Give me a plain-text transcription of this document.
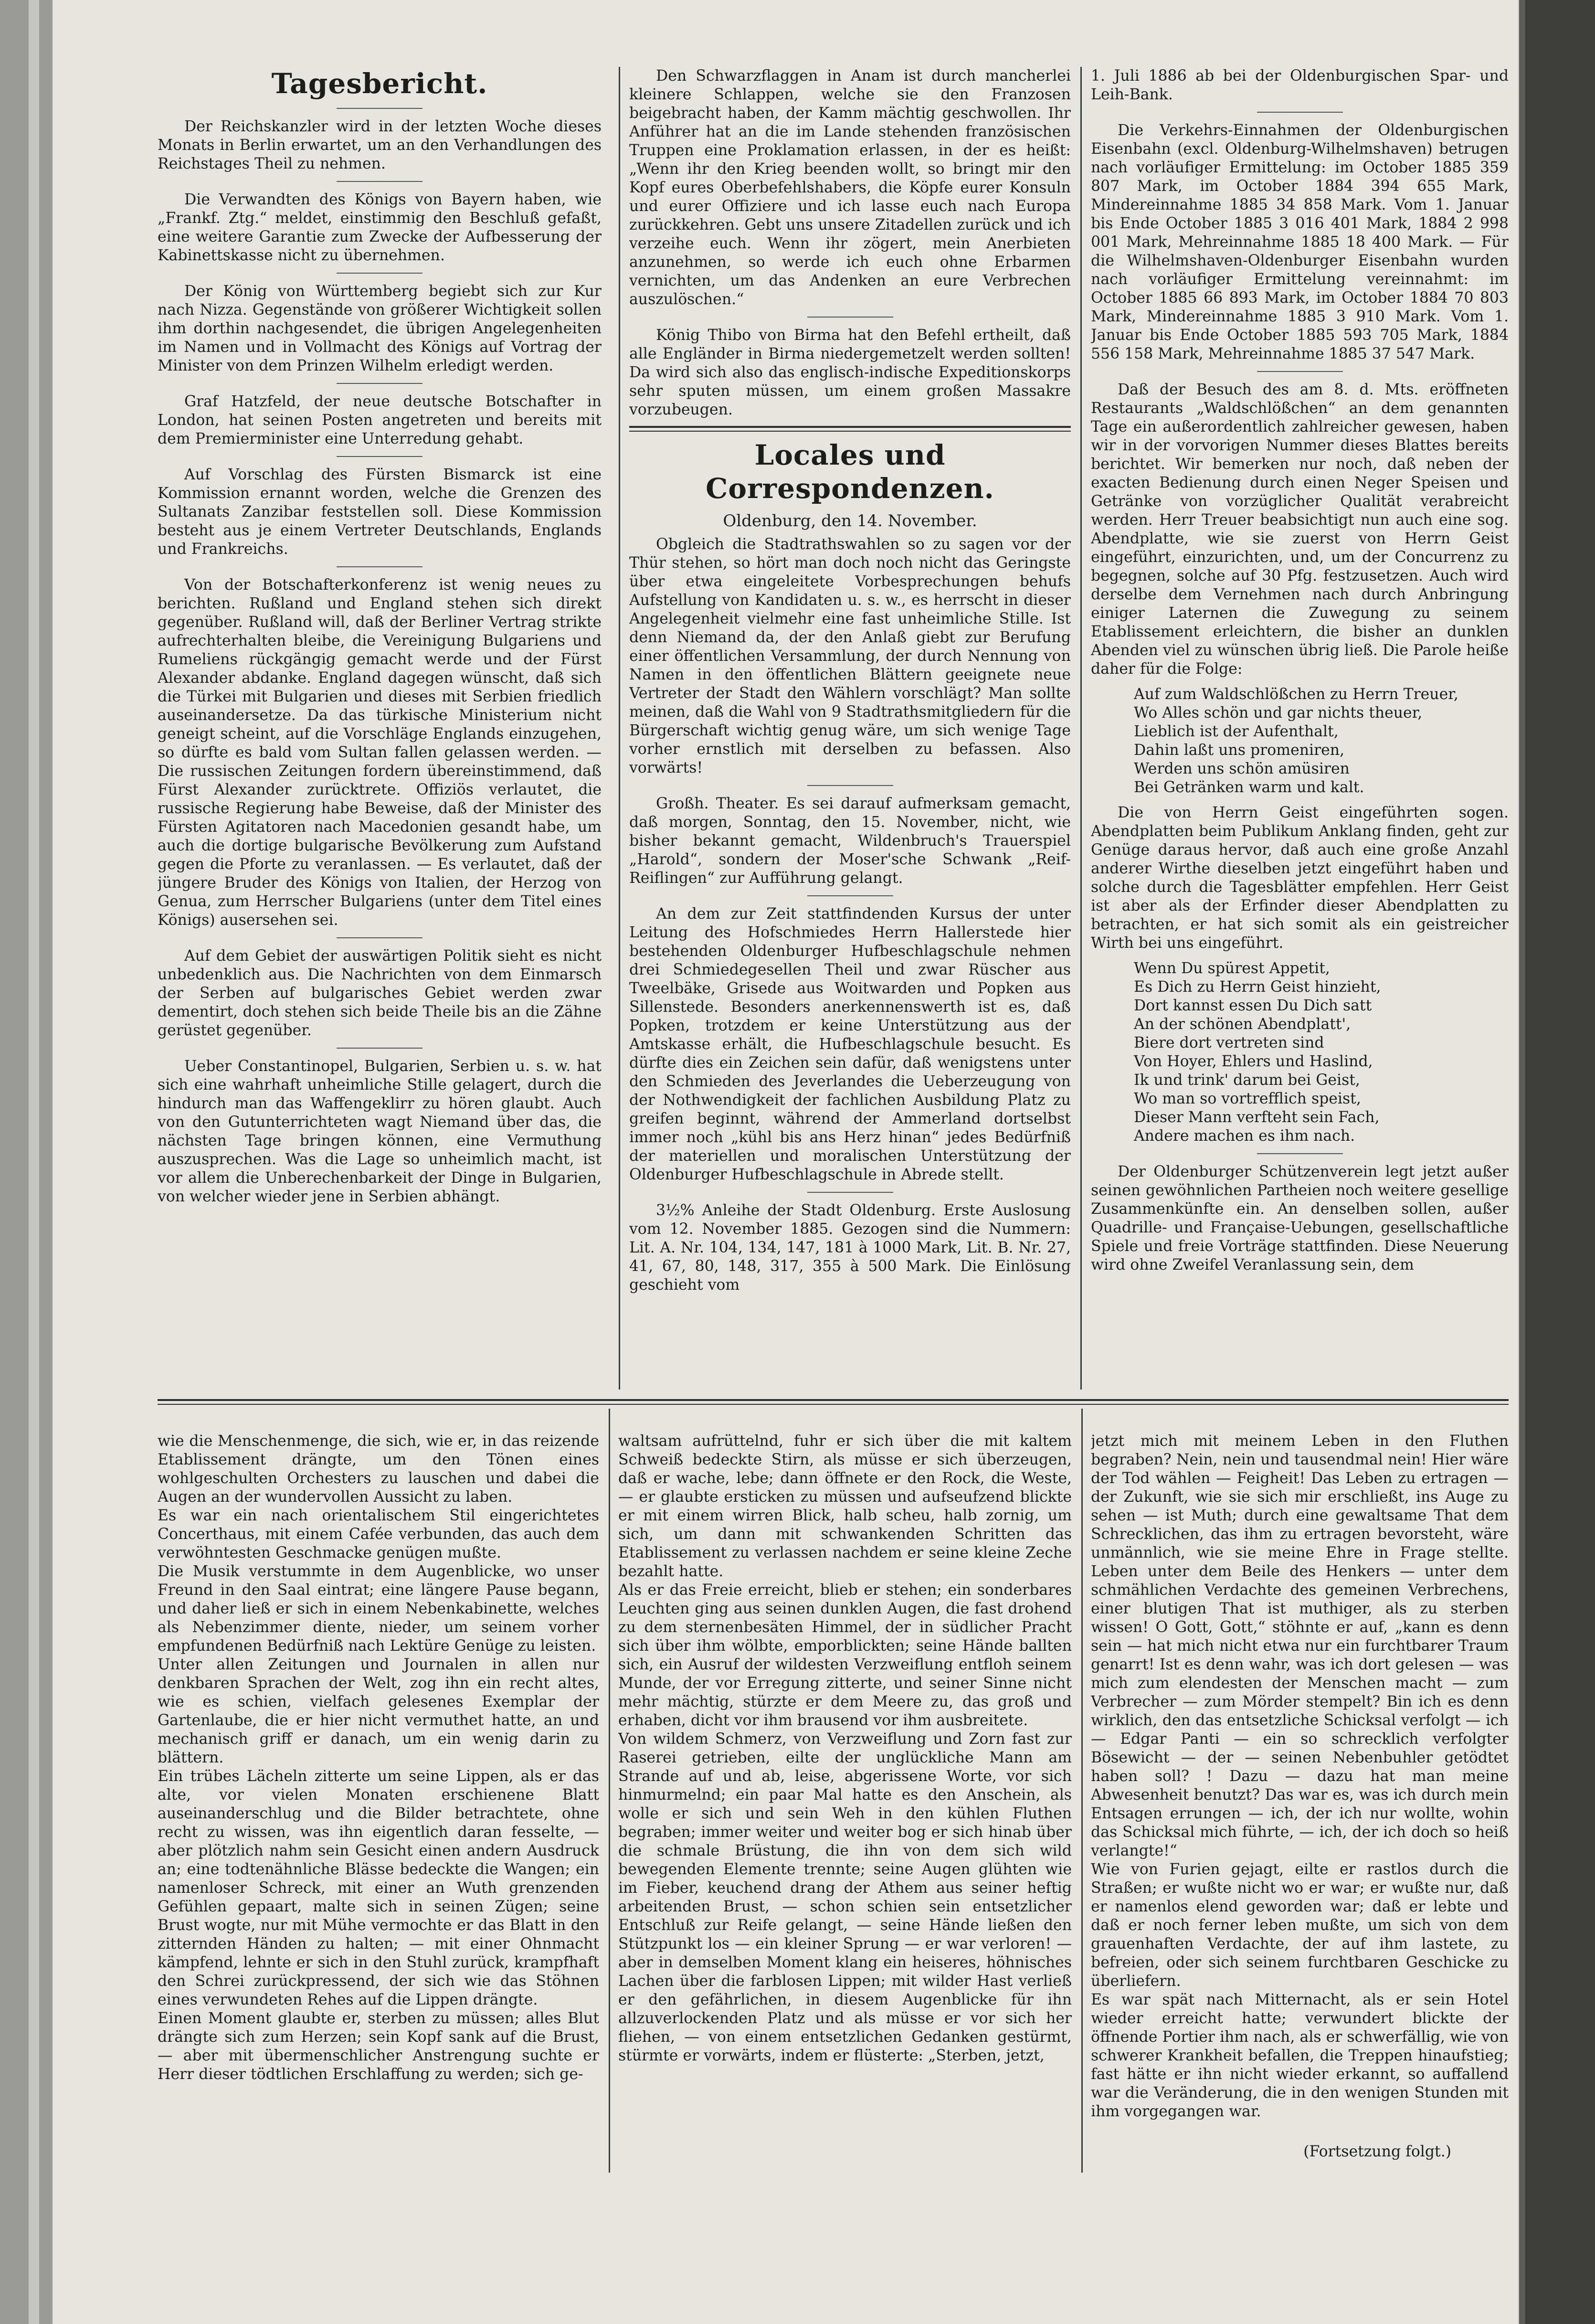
Tagesbericht.

Der Reichskanzler wird in der letzten Woche dieses Monats in Berlin erwartet, um an den Verhandlungen des Reichstages Theil zu nehmen.

Die Verwandten des Königs von Bayern haben, wie „Frankf. Ztg.“ meldet, einstimmig den Beschluß gefaßt, eine weitere Garantie zum Zwecke der Aufbesserung der Kabinettskasse nicht zu übernehmen.

Der König von Württemberg begiebt sich zur Kur nach Nizza. Gegenstände von größerer Wichtigkeit sollen ihm dorthin nachgesendet, die übrigen Angelegenheiten im Namen und in Vollmacht des Königs auf Vortrag der Minister von dem Prinzen Wilhelm erledigt werden.

Graf Hatzfeld, der neue deutsche Botschafter in London, hat seinen Posten angetreten und bereits mit dem Premierminister eine Unterredung gehabt.

Auf Vorschlag des Fürsten Bismarck ist eine Kommission ernannt worden, welche die Grenzen des Sultanats Zanzibar feststellen soll. Diese Kommission besteht aus je einem Vertreter Deutschlands, Englands und Frankreichs.

Von der Botschafterkonferenz ist wenig neues zu berichten. Rußland und England stehen sich direkt gegenüber. Rußland will, daß der Berliner Vertrag strikte aufrechterhalten bleibe, die Vereinigung Bulgariens und Rumeliens rückgängig gemacht werde und der Fürst Alexander abdanke. England dagegen wünscht, daß sich die Türkei mit Bulgarien und dieses mit Serbien friedlich auseinandersetze. Da das türkische Ministerium nicht geneigt scheint, auf die Vorschläge Englands einzugehen, so dürfte es bald vom Sultan fallen gelassen werden. — Die russischen Zeitungen fordern übereinstimmend, daß Fürst Alexander zurücktrete. Offiziös verlautet, die russische Regierung habe Beweise, daß der Minister des Fürsten Agitatoren nach Macedonien gesandt habe, um auch die dortige bulgarische Bevölkerung zum Aufstand gegen die Pforte zu veranlassen. — Es verlautet, daß der jüngere Bruder des Königs von Italien, der Herzog von Genua, zum Herrscher Bulgariens (unter dem Titel eines Königs) ausersehen sei.

Auf dem Gebiet der auswärtigen Politik sieht es nicht unbedenklich aus. Die Nachrichten von dem Einmarsch der Serben auf bulgarisches Gebiet werden zwar dementirt, doch stehen sich beide Theile bis an die Zähne gerüstet gegenüber.

Ueber Constantinopel, Bulgarien, Serbien u. s. w. hat sich eine wahrhaft unheimliche Stille gelagert, durch die hindurch man das Waffengeklirr zu hören glaubt. Auch von den Gutunterrichteten wagt Niemand über das, die nächsten Tage bringen können, eine Vermuthung auszusprechen. Was die Lage so unheimlich macht, ist vor allem die Unberechenbarkeit der Dinge in Bulgarien, von welcher wieder jene in Serbien abhängt.

Den Schwarzflaggen in Anam ist durch mancherlei kleinere Schlappen, welche sie den Franzosen beigebracht haben, der Kamm mächtig geschwollen. Ihr Anführer hat an die im Lande stehenden französischen Truppen eine Proklamation erlassen, in der es heißt: „Wenn ihr den Krieg beenden wollt, so bringt mir den Kopf eures Oberbefehlshabers, die Köpfe eurer Konsuln und eurer Offiziere und ich lasse euch nach Europa zurückkehren. Gebt uns unsere Zitadellen zurück und ich verzeihe euch. Wenn ihr zögert, mein Anerbieten anzunehmen, so werde ich euch ohne Erbarmen vernichten, um das Andenken an eure Verbrechen auszulöschen.“

König Thibo von Birma hat den Befehl ertheilt, daß alle Engländer in Birma niedergemetzelt werden sollten! Da wird sich also das englisch-indische Expeditionskorps sehr sputen müssen, um einem großen Massakre vorzubeugen.

Locales und Correspondenzen.
Oldenburg, den 14. November.

Obgleich die Stadtrathswahlen so zu sagen vor der Thür stehen, so hört man doch noch nicht das Geringste über etwa eingeleitete Vorbesprechungen behufs Aufstellung von Kandidaten u. s. w., es herrscht in dieser Angelegenheit vielmehr eine fast unheimliche Stille. Ist denn Niemand da, der den Anlaß giebt zur Berufung einer öffentlichen Versammlung, der durch Nennung von Namen in den öffentlichen Blättern geeignete neue Vertreter der Stadt den Wählern vorschlägt? Man sollte meinen, daß die Wahl von 9 Stadtrathsmitgliedern für die Bürgerschaft wichtig genug wäre, um sich wenige Tage vorher ernstlich mit derselben zu befassen. Also vorwärts!

Großh. Theater. Es sei darauf aufmerksam gemacht, daß morgen, Sonntag, den 15. November, nicht, wie bisher bekannt gemacht, Wildenbruch's Trauerspiel „Harold“, sondern der Moser'sche Schwank „Reif-Reiflingen“ zur Aufführung gelangt.

An dem zur Zeit stattfindenden Kursus der unter Leitung des Hofschmiedes Herrn Hallerstede hier bestehenden Oldenburger Hufbeschlagschule nehmen drei Schmiedegesellen Theil und zwar Rüscher aus Tweelbäke, Grisede aus Woitwarden und Popken aus Sillenstede. Besonders anerkennenswerth ist es, daß Popken, trotzdem er keine Unterstützung aus der Amtskasse erhält, die Hufbeschlagschule besucht. Es dürfte dies ein Zeichen sein dafür, daß wenigstens unter den Schmieden des Jeverlandes die Ueberzeugung von der Nothwendigkeit der fachlichen Ausbildung Platz zu greifen beginnt, während der Ammerland dortselbst immer noch „kühl bis ans Herz hinan“ jedes Bedürfniß der materiellen und moralischen Unterstützung der Oldenburger Hufbeschlagschule in Abrede stellt.

3½% Anleihe der Stadt Oldenburg. Erste Auslosung vom 12. November 1885. Gezogen sind die Nummern: Lit. A. Nr. 104, 134, 147, 181 à 1000 Mark, Lit. B. Nr. 27, 41, 67, 80, 148, 317, 355 à 500 Mark. Die Einlösung geschieht vom

1. Juli 1886 ab bei der Oldenburgischen Spar- und Leih-Bank.

Die Verkehrs-Einnahmen der Oldenburgischen Eisenbahn (excl. Oldenburg-Wilhelmshaven) betrugen nach vorläufiger Ermittelung: im October 1885 359 807 Mark, im October 1884 394 655 Mark, Mindereinnahme 1885 34 858 Mark. Vom 1. Januar bis Ende October 1885 3 016 401 Mark, 1884 2 998 001 Mark, Mehreinnahme 1885 18 400 Mark. — Für die Wilhelmshaven-Oldenburger Eisenbahn wurden nach vorläufiger Ermittelung vereinnahmt: im October 1885 66 893 Mark, im October 1884 70 803 Mark, Mindereinnahme 1885 3 910 Mark. Vom 1. Januar bis Ende October 1885 593 705 Mark, 1884 556 158 Mark, Mehreinnahme 1885 37 547 Mark.

Daß der Besuch des am 8. d. Mts. eröffneten Restaurants „Waldschlößchen“ an dem genannten Tage ein außerordentlich zahlreicher gewesen, haben wir in der vorvorigen Nummer dieses Blattes bereits berichtet. Wir bemerken nur noch, daß neben der exacten Bedienung durch einen Neger Speisen und Getränke von vorzüglicher Qualität verabreicht werden. Herr Treuer beabsichtigt nun auch eine sog. Abendplatte, wie sie zuerst von Herrn Geist eingeführt, einzurichten, und, um der Concurrenz zu begegnen, solche auf 30 Pfg. festzusetzen. Auch wird derselbe dem Vernehmen nach durch Anbringung einiger Laternen die Zuwegung zu seinem Etablissement erleichtern, die bisher an dunklen Abenden viel zu wünschen übrig ließ. Die Parole heiße daher für die Folge:

Auf zum Waldschlößchen zu Herrn Treuer,
Wo Alles schön und gar nichts theuer,
Lieblich ist der Aufenthalt,
Dahin laßt uns promeniren,
Werden uns schön amüsiren
Bei Getränken warm und kalt.

Die von Herrn Geist eingeführten sogen. Abendplatten beim Publikum Anklang finden, geht zur Genüge daraus hervor, daß auch eine große Anzahl anderer Wirthe dieselben jetzt eingeführt haben und solche durch die Tagesblätter empfehlen. Herr Geist ist aber als der Erfinder dieser Abendplatten zu betrachten, er hat sich somit als ein geistreicher Wirth bei uns eingeführt.

Wenn Du spürest Appetit,
Es Dich zu Herrn Geist hinzieht,
Dort kannst essen Du Dich satt
An der schönen Abendplatt',
Biere dort vertreten sind
Von Hoyer, Ehlers und Haslind,
Ik und trink' darum bei Geist,
Wo man so vortrefflich speist,
Dieser Mann verfteht sein Fach,
Andere machen es ihm nach.

Der Oldenburger Schützenverein legt jetzt außer seinen gewöhnlichen Partheien noch weitere gesellige Zusammenkünfte ein. An denselben sollen, außer Quadrille- und Française-Uebungen, gesellschaftliche Spiele und freie Vorträge stattfinden. Diese Neuerung wird ohne Zweifel Veranlassung sein, dem

wie die Menschenmenge, die sich, wie er, in das reizende Etablissement drängte, um den Tönen eines wohlgeschulten Orchesters zu lauschen und dabei die Augen an der wundervollen Aussicht zu laben.
Es war ein nach orientalischem Stil eingerichtetes Concerthaus, mit einem Cafée verbunden, das auch dem verwöhntesten Geschmacke genügen mußte.
Die Musik verstummte in dem Augenblicke, wo unser Freund in den Saal eintrat; eine längere Pause begann, und daher ließ er sich in einem Nebenkabinette, welches als Nebenzimmer diente, nieder, um seinem vorher empfundenen Bedürfniß nach Lektüre Genüge zu leisten.
Unter allen Zeitungen und Journalen in allen nur denkbaren Sprachen der Welt, zog ihn ein recht altes, wie es schien, vielfach gelesenes Exemplar der Gartenlaube, die er hier nicht vermuthet hatte, an und mechanisch griff er danach, um ein wenig darin zu blättern.
Ein trübes Lächeln zitterte um seine Lippen, als er das alte, vor vielen Monaten erschienene Blatt auseinanderschlug und die Bilder betrachtete, ohne recht zu wissen, was ihn eigentlich daran fesselte, — aber plötzlich nahm sein Gesicht einen andern Ausdruck an; eine todtenähnliche Blässe bedeckte die Wangen; ein namenloser Schreck, mit einer an Wuth grenzenden Gefühlen gepaart, malte sich in seinen Zügen; seine Brust wogte, nur mit Mühe vermochte er das Blatt in den zitternden Händen zu halten; — mit einer Ohnmacht kämpfend, lehnte er sich in den Stuhl zurück, krampfhaft den Schrei zurückpressend, der sich wie das Stöhnen eines verwundeten Rehes auf die Lippen drängte.
Einen Moment glaubte er, sterben zu müssen; alles Blut drängte sich zum Herzen; sein Kopf sank auf die Brust, — aber mit übermenschlicher Anstrengung suchte er Herr dieser tödtlichen Erschlaffung zu werden; sich ge-

waltsam aufrüttelnd, fuhr er sich über die mit kaltem Schweiß bedeckte Stirn, als müsse er sich überzeugen, daß er wache, lebe; dann öffnete er den Rock, die Weste, — er glaubte ersticken zu müssen und aufseufzend blickte er mit einem wirren Blick, halb scheu, halb zornig, um sich, um dann mit schwankenden Schritten das Etablissement zu verlassen nachdem er seine kleine Zeche bezahlt hatte.
Als er das Freie erreicht, blieb er stehen; ein sonderbares Leuchten ging aus seinen dunklen Augen, die fast drohend zu dem sternenbesäten Himmel, der in südlicher Pracht sich über ihm wölbte, emporblickten; seine Hände ballten sich, ein Ausruf der wildesten Verzweiflung entfloh seinem Munde, der vor Erregung zitterte, und seiner Sinne nicht mehr mächtig, stürzte er dem Meere zu, das groß und erhaben, dicht vor ihm brausend vor ihm ausbreitete.
Von wildem Schmerz, von Verzweiflung und Zorn fast zur Raserei getrieben, eilte der unglückliche Mann am Strande auf und ab, leise, abgerissene Worte, vor sich hinmurmelnd; ein paar Mal hatte es den Anschein, als wolle er sich und sein Weh in den kühlen Fluthen begraben; immer weiter und weiter bog er sich hinab über die schmale Brüstung, die ihn von dem sich wild bewegenden Elemente trennte; seine Augen glühten wie im Fieber, keuchend drang der Athem aus seiner heftig arbeitenden Brust, — schon schien sein entsetzlicher Entschluß zur Reife gelangt, — seine Hände ließen den Stützpunkt los — ein kleiner Sprung — er war verloren! — aber in demselben Moment klang ein heiseres, höhnisches Lachen über die farblosen Lippen; mit wilder Hast verließ er den gefährlichen, in diesem Augenblicke für ihn allzuverlockenden Platz und als müsse er vor sich her fliehen, — von einem entsetzlichen Gedanken gestürmt, stürmte er vorwärts, indem er flüsterte: „Sterben, jetzt,

jetzt mich mit meinem Leben in den Fluthen begraben? Nein, nein und tausendmal nein! Hier wäre der Tod wählen — Feigheit! Das Leben zu ertragen — der Zukunft, wie sie sich mir erschließt, ins Auge zu sehen — ist Muth; durch eine gewaltsame That dem Schrecklichen, das ihm zu ertragen bevorsteht, wäre unmännlich, wie sie meine Ehre in Frage stellte. Leben unter dem Beile des Henkers — unter dem schmählichen Verdachte des gemeinen Verbrechens, einer blutigen That ist muthiger, als zu sterben wissen! O Gott, Gott,“ stöhnte er auf, „kann es denn sein — hat mich nicht etwa nur ein furchtbarer Traum genarrt! Ist es denn wahr, was ich dort gelesen — was mich zum elendesten der Menschen macht — zum Verbrecher — zum Mörder stempelt? Bin ich es denn wirklich, den das entsetzliche Schicksal verfolgt — ich — Edgar Panti — ein so schrecklich verfolgter Bösewicht — der — seinen Nebenbuhler getödtet haben soll? ! Dazu — dazu hat man meine Abwesenheit benutzt? Das war es, was ich durch mein Entsagen errungen — ich, der ich nur wollte, wohin das Schicksal mich führte, — ich, der ich doch so heiß verlangte!“
Wie von Furien gejagt, eilte er rastlos durch die Straßen; er wußte nicht wo er war; er wußte nur, daß er namenlos elend geworden war; daß er lebte und daß er noch ferner leben mußte, um sich von dem grauenhaften Verdachte, der auf ihm lastete, zu befreien, oder sich seinem furchtbaren Geschicke zu überliefern.
Es war spät nach Mitternacht, als er sein Hotel wieder erreicht hatte; verwundert blickte der öffnende Portier ihm nach, als er schwerfällig, wie von schwerer Krankheit befallen, die Treppen hinaufstieg; fast hätte er ihn nicht wieder erkannt, so auffallend war die Veränderung, die in den wenigen Stunden mit ihm vorgegangen war.

(Fortsetzung folgt.)
